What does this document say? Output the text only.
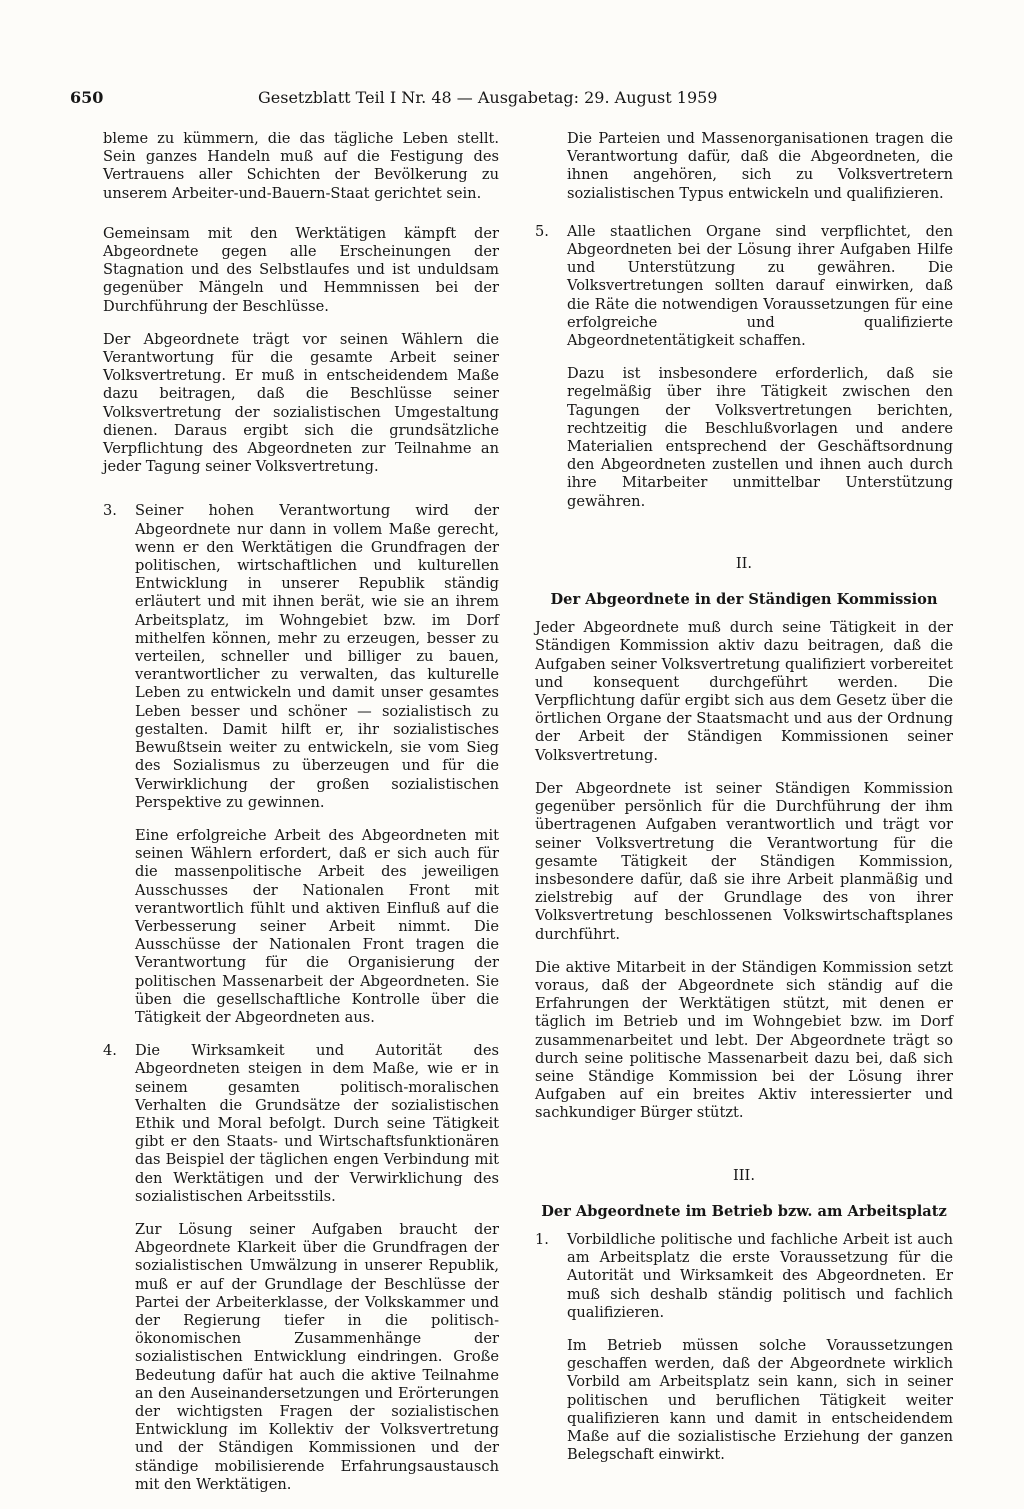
650	Gesetzblatt Teil I Nr. 48 — Ausgabetag: 29. August 1959

bleme zu kümmern, die das tägliche Leben stellt. Sein ganzes Handeln muß auf die Festigung des Vertrauens aller Schichten der Bevölkerung zu unserem Arbeiter-und-Bauern-Staat gerichtet sein.

Gemeinsam mit den Werktätigen kämpft der Abgeordnete gegen alle Erscheinungen der Stagnation und des Selbstlaufes und ist unduldsam gegenüber Mängeln und Hemmnissen bei der Durchführung der Beschlüsse.

Der Abgeordnete trägt vor seinen Wählern die Verantwortung für die gesamte Arbeit seiner Volksvertretung. Er muß in entscheidendem Maße dazu beitragen, daß die Beschlüsse seiner Volksvertretung der sozialistischen Umgestaltung dienen. Daraus ergibt sich die grundsätzliche Verpflichtung des Abgeordneten zur Teilnahme an jeder Tagung seiner Volksvertretung.

3. Seiner hohen Verantwortung wird der Abgeordnete nur dann in vollem Maße gerecht, wenn er den Werktätigen die Grundfragen der politischen, wirtschaftlichen und kulturellen Entwicklung in unserer Republik ständig erläutert und mit ihnen berät, wie sie an ihrem Arbeitsplatz, im Wohngebiet bzw. im Dorf mithelfen können, mehr zu erzeugen, besser zu verteilen, schneller und billiger zu bauen, verantwortlicher zu verwalten, das kulturelle Leben zu entwickeln und damit unser gesamtes Leben besser und schöner — sozialistisch zu gestalten. Damit hilft er, ihr sozialistisches Bewußtsein weiter zu entwickeln, sie vom Sieg des Sozialismus zu überzeugen und für die Verwirklichung der großen sozialistischen Perspektive zu gewinnen.

Eine erfolgreiche Arbeit des Abgeordneten mit seinen Wählern erfordert, daß er sich auch für die massenpolitische Arbeit des jeweiligen Ausschusses der Nationalen Front mit verantwortlich fühlt und aktiven Einfluß auf die Verbesserung seiner Arbeit nimmt. Die Ausschüsse der Nationalen Front tragen die Verantwortung für die Organisierung der politischen Massenarbeit der Abgeordneten. Sie üben die gesellschaftliche Kontrolle über die Tätigkeit der Abgeordneten aus.

4. Die Wirksamkeit und Autorität des Abgeordneten steigen in dem Maße, wie er in seinem gesamten politisch-moralischen Verhalten die Grundsätze der sozialistischen Ethik und Moral befolgt. Durch seine Tätigkeit gibt er den Staats- und Wirtschaftsfunktionären das Beispiel der täglichen engen Verbindung mit den Werktätigen und der Verwirklichung des sozialistischen Arbeitsstils.

Zur Lösung seiner Aufgaben braucht der Abgeordnete Klarkeit über die Grundfragen der sozialistischen Umwälzung in unserer Republik, muß er auf der Grundlage der Beschlüsse der Partei der Arbeiterklasse, der Volkskammer und der Regierung tiefer in die politisch-ökonomischen Zusammenhänge der sozialistischen Entwicklung eindringen. Große Bedeutung dafür hat auch die aktive Teilnahme an den Auseinandersetzungen und Erörterungen der wichtigsten Fragen der sozialistischen Entwicklung im Kollektiv der Volksvertretung und der Ständigen Kommissionen und der ständige mobilisierende Erfahrungsaustausch mit den Werktätigen.

Die Parteien und Massenorganisationen tragen die Verantwortung dafür, daß die Abgeordneten, die ihnen angehören, sich zu Volksvertretern sozialistischen Typus entwickeln und qualifizieren.

5. Alle staatlichen Organe sind verpflichtet, den Abgeordneten bei der Lösung ihrer Aufgaben Hilfe und Unterstützung zu gewähren. Die Volksvertretungen sollten darauf einwirken, daß die Räte die notwendigen Voraussetzungen für eine erfolgreiche und qualifizierte Abgeordnetentätigkeit schaffen.

Dazu ist insbesondere erforderlich, daß sie regelmäßig über ihre Tätigkeit zwischen den Tagungen der Volksvertretungen berichten, rechtzeitig die Beschlußvorlagen und andere Materialien entsprechend der Geschäftsordnung den Abgeordneten zustellen und ihnen auch durch ihre Mitarbeiter unmittelbar Unterstützung gewähren.

II.
Der Abgeordnete in der Ständigen Kommission

Jeder Abgeordnete muß durch seine Tätigkeit in der Ständigen Kommission aktiv dazu beitragen, daß die Aufgaben seiner Volksvertretung qualifiziert vorbereitet und konsequent durchgeführt werden. Die Verpflichtung dafür ergibt sich aus dem Gesetz über die örtlichen Organe der Staatsmacht und aus der Ordnung der Arbeit der Ständigen Kommissionen seiner Volksvertretung.

Der Abgeordnete ist seiner Ständigen Kommission gegenüber persönlich für die Durchführung der ihm übertragenen Aufgaben verantwortlich und trägt vor seiner Volksvertretung die Verantwortung für die gesamte Tätigkeit der Ständigen Kommission, insbesondere dafür, daß sie ihre Arbeit planmäßig und zielstrebig auf der Grundlage des von ihrer Volksvertretung beschlossenen Volkswirtschaftsplanes durchführt.

Die aktive Mitarbeit in der Ständigen Kommission setzt voraus, daß der Abgeordnete sich ständig auf die Erfahrungen der Werktätigen stützt, mit denen er täglich im Betrieb und im Wohngebiet bzw. im Dorf zusammenarbeitet und lebt. Der Abgeordnete trägt so durch seine politische Massenarbeit dazu bei, daß sich seine Ständige Kommission bei der Lösung ihrer Aufgaben auf ein breites Aktiv interessierter und sachkundiger Bürger stützt.

III.
Der Abgeordnete im Betrieb bzw. am Arbeitsplatz
1. Vorbildliche politische und fachliche Arbeit ist auch am Arbeitsplatz die erste Voraussetzung für die Autorität und Wirksamkeit des Abgeordneten. Er muß sich deshalb ständig politisch und fachlich qualifizieren.

Im Betrieb müssen solche Voraussetzungen geschaffen werden, daß der Abgeordnete wirklich Vorbild am Arbeitsplatz sein kann, sich in seiner politischen und beruflichen Tätigkeit weiter qualifizieren kann und damit in entscheidendem Maße auf die sozialistische Erziehung der ganzen Belegschaft einwirkt.
